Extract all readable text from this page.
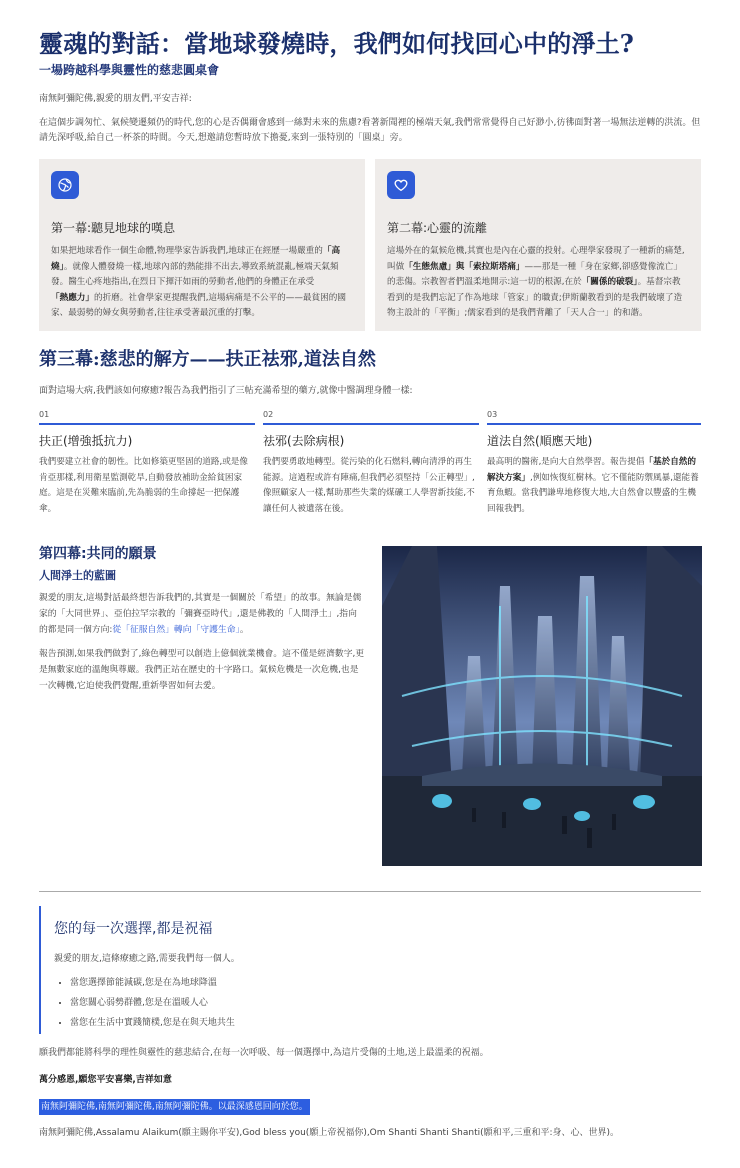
靈魂的對話：當地球發燒時，我們如何找回心中的淨土?
一場跨越科學與靈性的慈悲圓桌會
南無阿彌陀佛,親愛的朋友們,平安吉祥:
在這個步調匆忙、氣候變遷頻仍的時代,您的心是否偶爾會感到一絲對未來的焦慮?看著新聞裡的極端天氣,我們常常覺得自己好渺小,彷彿面對著一場無法逆轉的洪流。但請先深呼吸,給自己一杯茶的時間。今天,想邀請您暫時放下擔憂,來到一張特別的「圓桌」旁。
第一幕:聽見地球的嘆息
如果把地球看作一個生命體,物理學家告訴我們,地球正在經歷一場嚴重的「高燒」。就像人體發燒一樣,地球內部的熱能排不出去,導致系統混亂,極端天氣頻發。醫生心疼地指出,在烈日下揮汗如雨的勞動者,他們的身體正在承受「熱應力」的折磨。社會學家更提醒我們,這場病痛是不公平的——最貧困的國家、最弱勢的婦女與勞動者,往往承受著最沉重的打擊。
第二幕:心靈的流離
這場外在的氣候危機,其實也是內在心靈的投射。心理學家發現了一種新的痛楚,叫做「生態焦慮」與「索拉斯塔痛」——那是一種「身在家鄉,卻感覺像流亡」的悲傷。宗教智者們溫柔地開示:這一切的根源,在於「關係的破裂」。基督宗教看到的是我們忘記了作為地球「管家」的職責;伊斯蘭教看到的是我們破壞了造物主設計的「平衡」;儒家看到的是我們背離了「天人合一」的和諧。
第三幕:慈悲的解方——扶正祛邪,道法自然
面對這場大病,我們該如何療癒?報告為我們指引了三帖充滿希望的藥方,就像中醫調理身體一樣:
01
扶正(增強抵抗力)
我們要建立社會的韌性。比如修築更堅固的道路,或是像肯亞那樣,利用衛星監測乾旱,自動發放補助金給貧困家庭。這是在災難來臨前,先為脆弱的生命撐起一把保護傘。
02
祛邪(去除病根)
我們要勇敢地轉型。從污染的化石燃料,轉向清淨的再生能源。這過程或許有陣痛,但我們必須堅持「公正轉型」,像照顧家人一樣,幫助那些失業的煤礦工人學習新技能,不讓任何人被遺落在後。
03
道法自然(順應天地)
最高明的醫術,是向大自然學習。報告提倡「基於自然的解決方案」,例如恢復紅樹林。它不僅能防禦風暴,還能養育魚蝦。當我們謙卑地修復大地,大自然會以豐盛的生機回報我們。
第四幕:共同的願景
人間淨土的藍圖
親愛的朋友,這場對話最終想告訴我們的,其實是一個關於「希望」的故事。無論是儒家的「大同世界」、亞伯拉罕宗教的「彌賽亞時代」,還是佛教的「人間淨土」,指向的都是同一個方向:從「征服自然」轉向「守護生命」。
報告預測,如果我們做對了,綠色轉型可以創造上億個就業機會。這不僅是經濟數字,更是無數家庭的溫飽與尊嚴。我們正站在歷史的十字路口。氣候危機是一次危機,也是一次轉機,它迫使我們覺醒,重新學習如何去愛。
您的每一次選擇,都是祝福
親愛的朋友,這條療癒之路,需要我們每一個人。
• 當您選擇節能減碳,您是在為地球降溫
• 當您關心弱勢群體,您是在溫暖人心
• 當您在生活中實踐簡樸,您是在與天地共生
願我們都能將科學的理性與靈性的慈悲結合,在每一次呼吸、每一個選擇中,為這片受傷的土地,送上最溫柔的祝福。
萬分感恩,願您平安喜樂,吉祥如意
南無阿彌陀佛,南無阿彌陀佛,南無阿彌陀佛。以最深感恩回向於您。
南無阿彌陀佛,Assalamu Alaikum(願主賜你平安),God bless you(願上帝祝福你),Om Shanti Shanti Shanti(願和平,三重和平:身、心、世界)。
